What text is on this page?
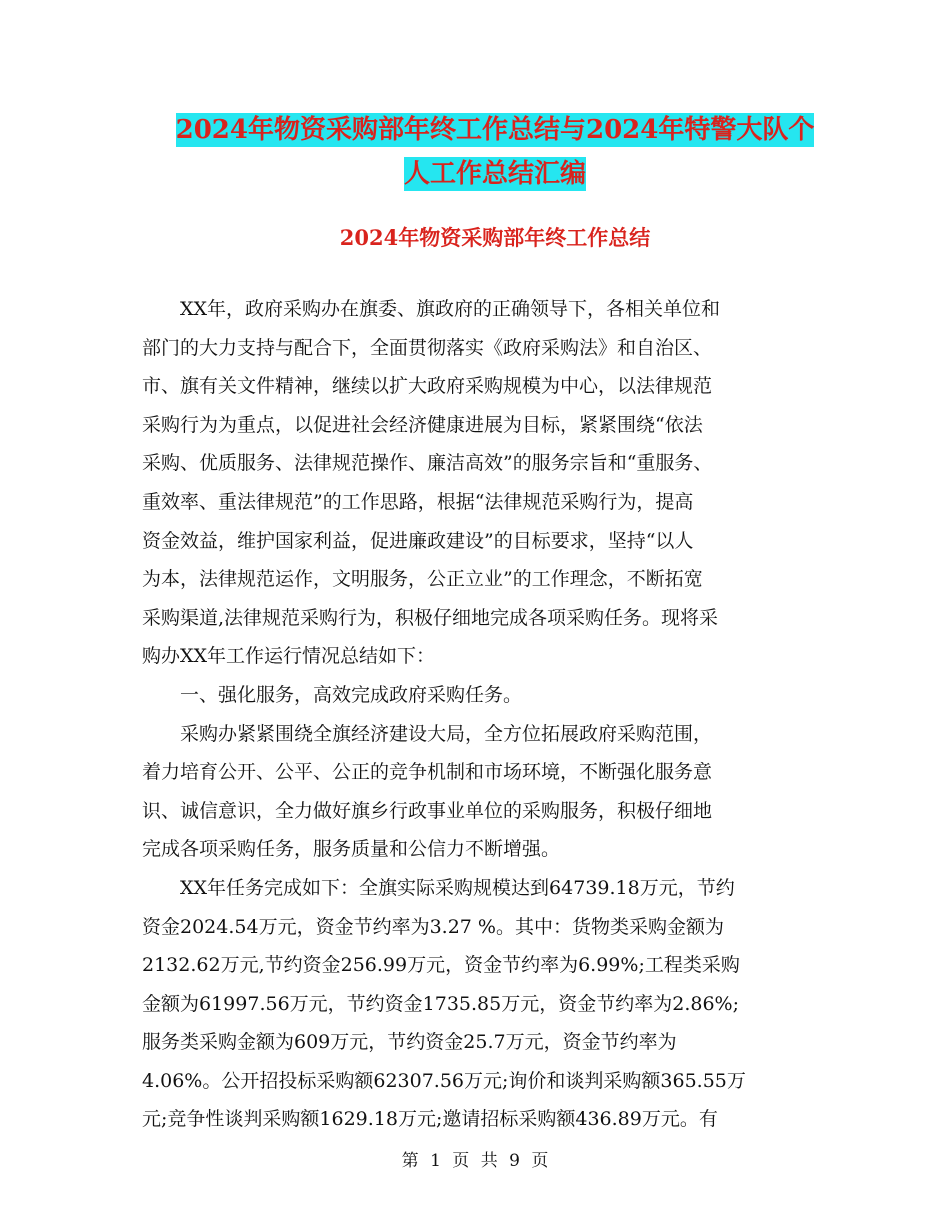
2024年物资采购部年终工作总结与2024年特警大队个
人工作总结汇编
2024年物资采购部年终工作总结
XX年，政府采购办在旗委、旗政府的正确领导下，各相关单位和
部门的大力支持与配合下，全面贯彻落实《政府采购法》和自治区、
市、旗有关文件精神，继续以扩大政府采购规模为中心，以法律规范
采购行为为重点，以促进社会经济健康进展为目标，紧紧围绕“依法
采购、优质服务、法律规范操作、廉洁高效”的服务宗旨和“重服务、
重效率、重法律规范”的工作思路，根据“法律规范采购行为，提高
资金效益，维护国家利益，促进廉政建设”的目标要求，坚持“以人
为本，法律规范运作，文明服务，公正立业”的工作理念，不断拓宽
采购渠道,法律规范采购行为，积极仔细地完成各项采购任务。现将采
购办XX年工作运行情况总结如下：
一、强化服务，高效完成政府采购任务。
采购办紧紧围绕全旗经济建设大局，全方位拓展政府采购范围，
着力培育公开、公平、公正的竞争机制和市场环境，不断强化服务意
识、诚信意识，全力做好旗乡行政事业单位的采购服务，积极仔细地
完成各项采购任务，服务质量和公信力不断增强。
XX年任务完成如下：全旗实际采购规模达到64739.18万元，节约
资金2024.54万元，资金节约率为3.27 %。其中：货物类采购金额为
2132.62万元,节约资金256.99万元，资金节约率为6.99%;工程类采购
金额为61997.56万元，节约资金1735.85万元，资金节约率为2.86%;
服务类采购金额为609万元，节约资金25.7万元，资金节约率为
4.06%。公开招投标采购额62307.56万元;询价和谈判采购额365.55万
元;竞争性谈判采购额1629.18万元;邀请招标采购额436.89万元。有
第 1 页 共 9 页
